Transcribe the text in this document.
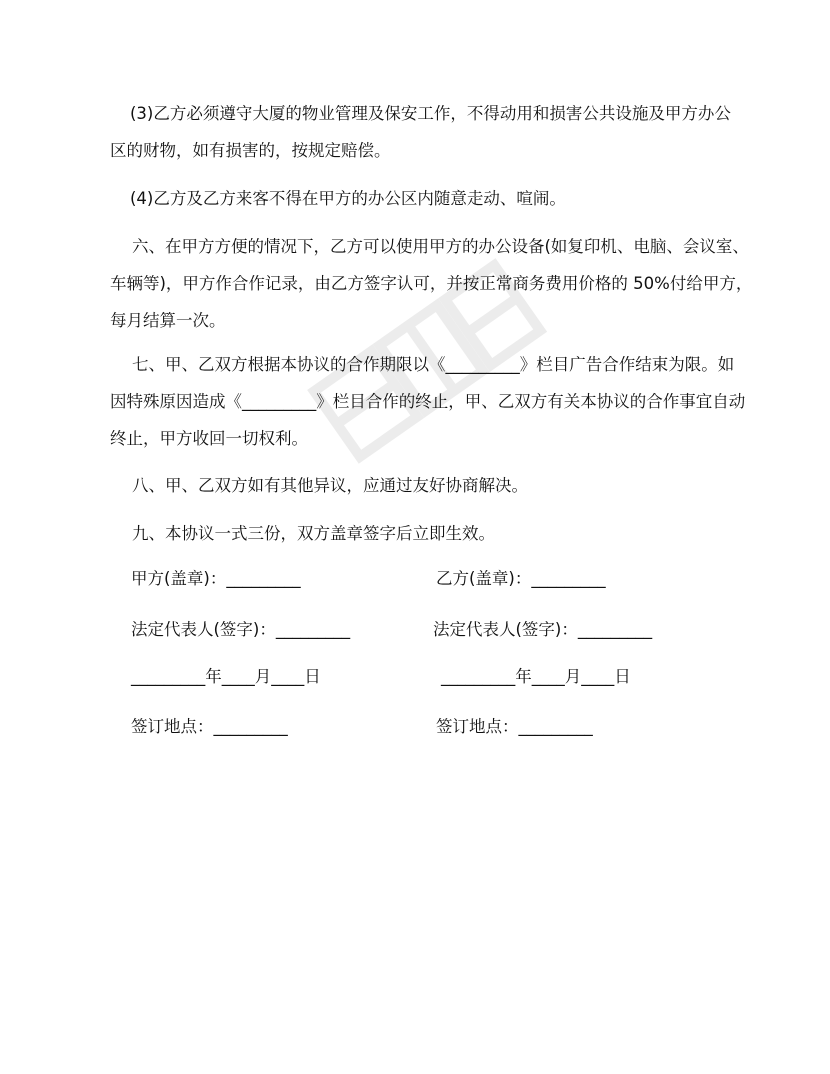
(3)乙方必须遵守大厦的物业管理及保安工作，不得动用和损害公共设施及甲方办公
区的财物，如有损害的，按规定赔偿。

(4)乙方及乙方来客不得在甲方的办公区内随意走动、喧闹。

六、在甲方方便的情况下，乙方可以使用甲方的办公设备(如复印机、电脑、会议室、
车辆等)，甲方作合作记录，由乙方签字认可，并按正常商务费用价格的 50%付给甲方，
每月结算一次。

七、甲、乙双方根据本协议的合作期限以《_________》栏目广告合作结束为限。如
因特殊原因造成《_________》栏目合作的终止，甲、乙双方有关本协议的合作事宜自动
终止，甲方收回一切权利。

八、甲、乙双方如有其他异议，应通过友好协商解决。

九、本协议一式三份，双方盖章签字后立即生效。

甲方(盖章)：_________	乙方(盖章)：_________
法定代表人(签字)：_________	法定代表人(签字)：_________
_________年____月____日	_________年____月____日
签订地点：_________	签订地点：_________
